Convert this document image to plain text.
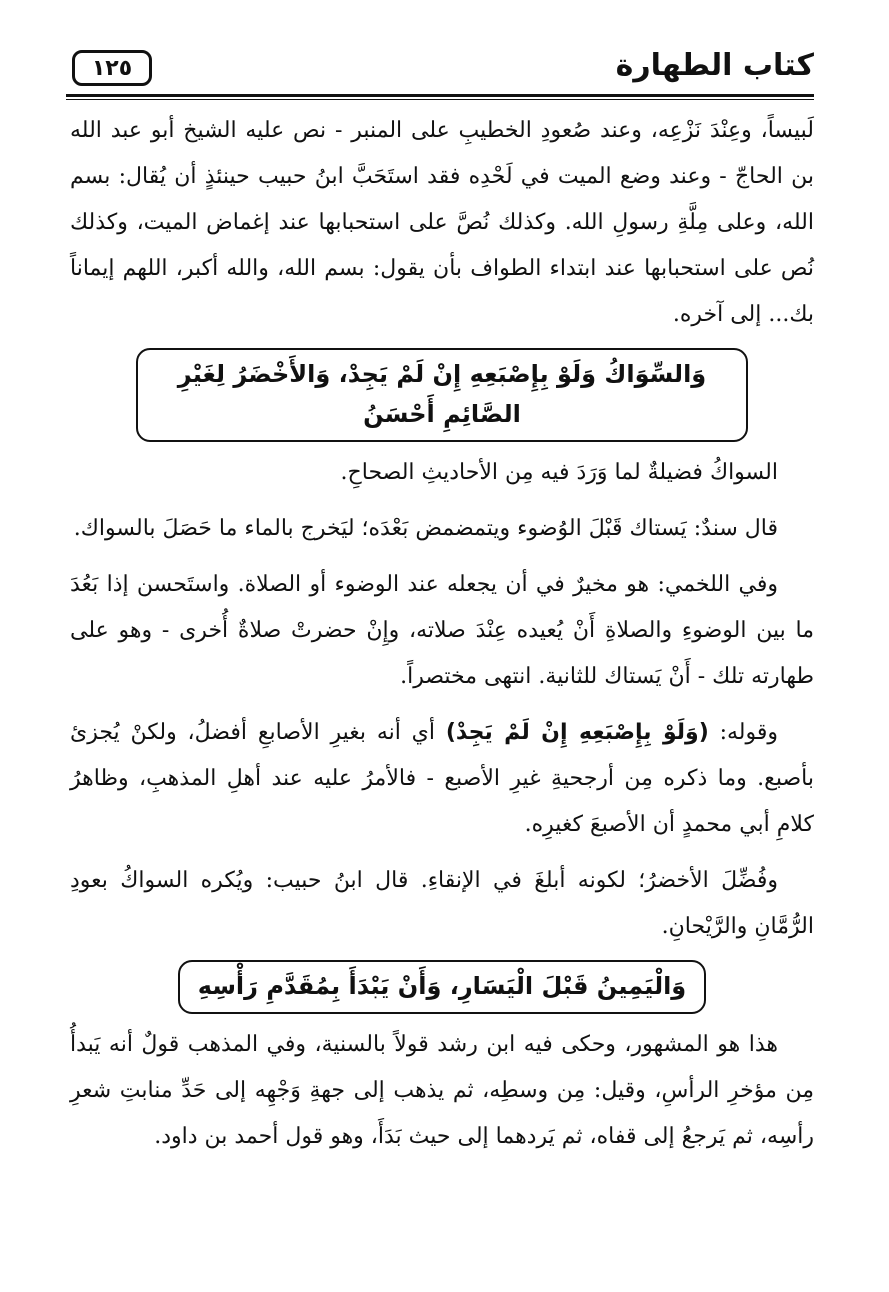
كتاب الطهارة
١٢٥

لَبيساً، وعِنْدَ نَزْعِه، وعند صُعودِ الخطيبِ على المنبر - نص عليه الشيخ أبو عبد الله بن الحاجّ - وعند وضع الميت في لَحْدِه فقد استَحَبَّ ابنُ حبيب حينئذٍ أن يُقال: بسم الله، وعلى مِلَّةِ رسولِ الله. وكذلك نُصَّ على استحبابها عند إغماض الميت، وكذلك نُص على استحبابها عند ابتداء الطواف بأن يقول: بسم الله، والله أكبر، اللهم إيماناً بك... إلى آخره.

وَالسِّوَاكُ وَلَوْ بِإِصْبَعِهِ إِنْ لَمْ يَجِدْ، وَالأَخْضَرُ لِغَيْرِ الصَّائِمِ أَحْسَنُ

السواكُ فضيلةٌ لما وَرَدَ فيه مِن الأحاديثِ الصحاحِ.

قال سندٌ: يَستاك قَبْلَ الوُضوء ويتمضمض بَعْدَه؛ ليَخرج بالماء ما حَصَلَ بالسواك.

وفي اللخمي: هو مخيرٌ في أن يجعله عند الوضوء أو الصلاة. واستَحسن إذا بَعُدَ ما بين الوضوءِ والصلاةِ أَنْ يُعيده عِنْدَ صلاته، وإِنْ حضرتْ صلاةٌ أُخرى - وهو على طهارته تلك - أَنْ يَستاك للثانية. انتهى مختصراً.

وقوله: (وَلَوْ بِإِصْبَعِهِ إِنْ لَمْ يَجِدْ) أي أنه بغيرِ الأصابعِ أفضلُ، ولكنْ يُجزئ بأصبع. وما ذكره مِن أرجحيةِ غيرِ الأصبع - فالأمرُ عليه عند أهلِ المذهبِ، وظاهرُ كلامِ أبي محمدٍ أن الأصبعَ كغيرِه.

وفُضِّلَ الأخضرُ؛ لكونه أبلغَ في الإنقاءِ. قال ابنُ حبيب: ويُكره السواكُ بعودِ الرُّمَّانِ والرَّيْحانِ.

وَالْيَمِينُ قَبْلَ الْيَسَارِ، وَأَنْ يَبْدَأَ بِمُقَدَّمِ رَأْسِهِ

هذا هو المشهور، وحكى فيه ابن رشد قولاً بالسنية، وفي المذهب قولٌ أنه يَبدأُ مِن مؤخرِ الرأسِ، وقيل: مِن وسطِه، ثم يذهب إلى جهةِ وَجْهِه إلى حَدِّ منابتِ شعرِ رأسِه، ثم يَرجعُ إلى قفاه، ثم يَردهما إلى حيث بَدَأَ، وهو قول أحمد بن داود.
